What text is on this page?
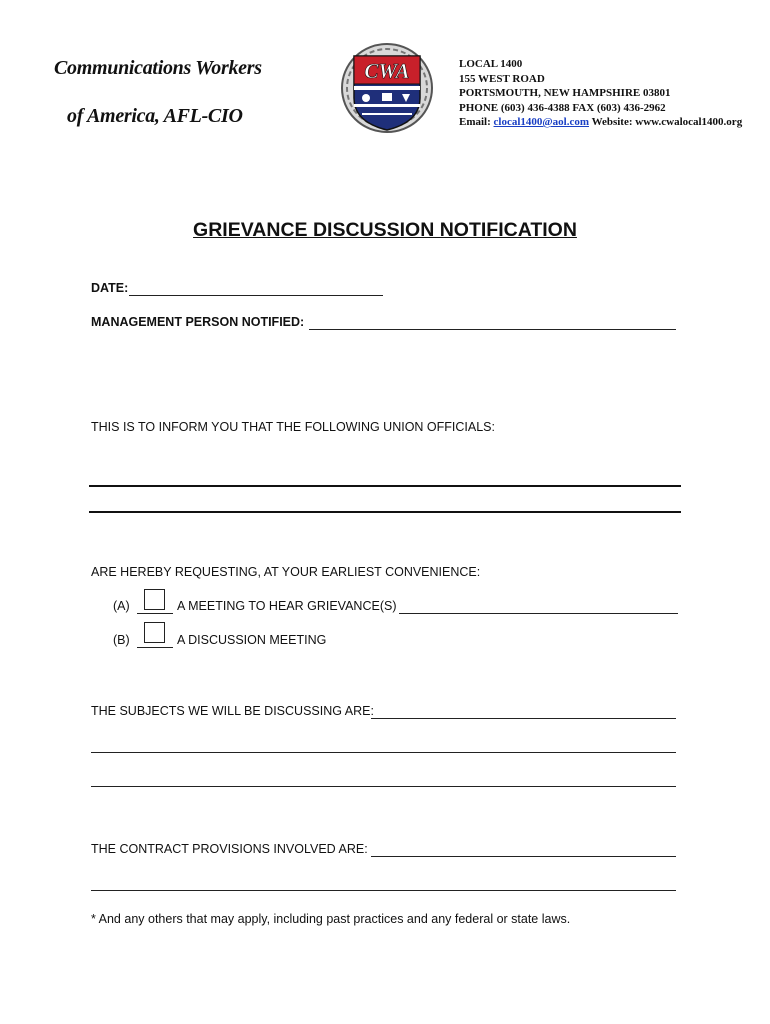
Communications Workers
of America, AFL-CIO
CWA	LOCAL 1400
155 WEST ROAD
PORTSMOUTH, NEW HAMPSHIRE 03801
PHONE (603) 436-4388 FAX (603) 436-2962
Email: clocal1400@aol.com Website: www.cwalocal1400.org
GRIEVANCE DISCUSSION NOTIFICATION
DATE:
MANAGEMENT PERSON NOTIFIED:
THIS IS TO INFORM YOU THAT THE FOLLOWING UNION OFFICIALS:
ARE HEREBY REQUESTING, AT YOUR EARLIEST CONVENIENCE:
(A)	A MEETING TO HEAR GRIEVANCE(S)
(B)	A DISCUSSION MEETING
THE SUBJECTS WE WILL BE DISCUSSING ARE:
THE CONTRACT PROVISIONS INVOLVED ARE:
* And any others that may apply, including past practices and any federal or state laws.
